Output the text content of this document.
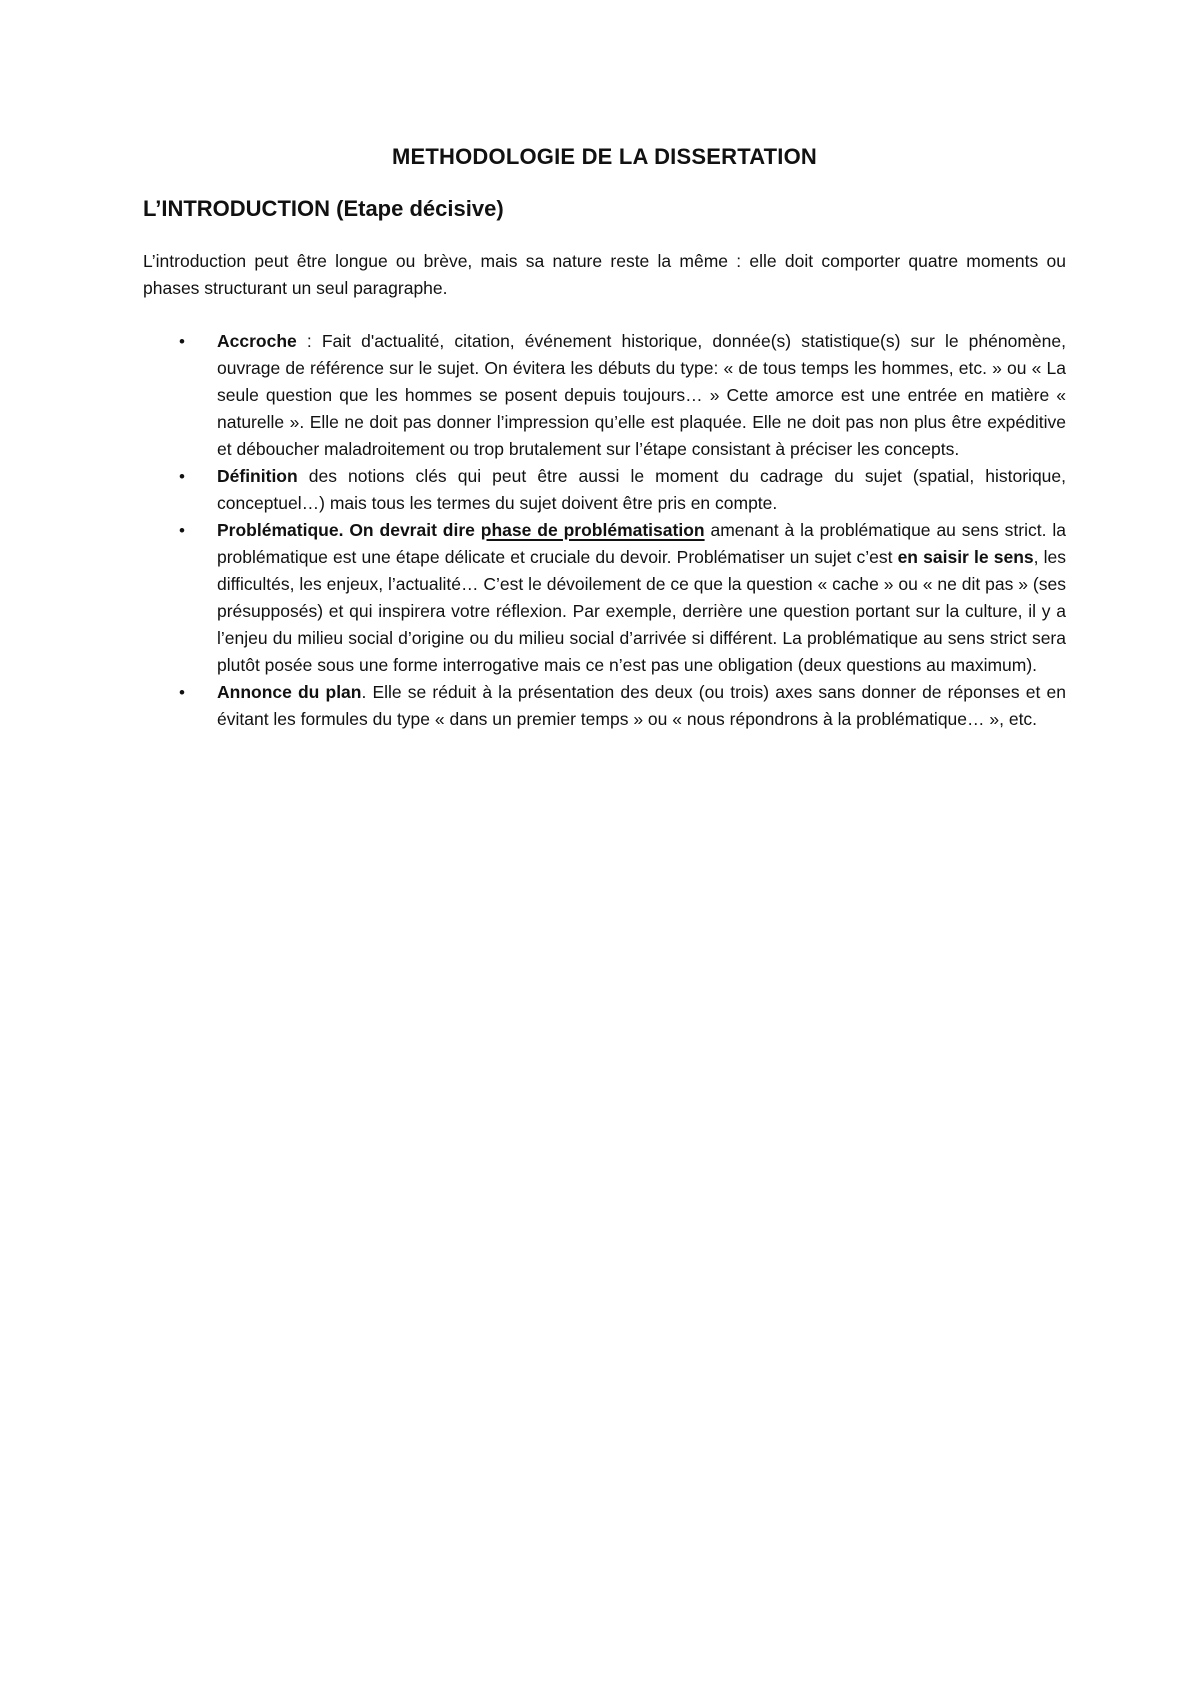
METHODOLOGIE DE LA DISSERTATION
L’INTRODUCTION (Etape décisive)

L’introduction peut être longue ou brève, mais sa nature reste la même : elle doit comporter quatre moments ou phases structurant un seul paragraphe.

• Accroche : Fait d'actualité, citation, événement historique, donnée(s) statistique(s) sur le phénomène, ouvrage de référence sur le sujet. On évitera les débuts du type: « de tous temps les hommes, etc. » ou « La seule question que les hommes se posent depuis toujours… » Cette amorce est une entrée en matière « naturelle ». Elle ne doit pas donner l’impression qu’elle est plaquée. Elle ne doit pas non plus être expéditive et déboucher maladroitement ou trop brutalement sur l’étape consistant à préciser les concepts.
• Définition des notions clés qui peut être aussi le moment du cadrage du sujet (spatial, historique, conceptuel…) mais tous les termes du sujet doivent être pris en compte.
• Problématique. On devrait dire phase de problématisation amenant à la problématique au sens strict. la problématique est une étape délicate et cruciale du devoir. Problématiser un sujet c’est en saisir le sens, les difficultés, les enjeux, l’actualité… C’est le dévoilement de ce que la question « cache » ou « ne dit pas » (ses présupposés) et qui inspirera votre réflexion. Par exemple, derrière une question portant sur la culture, il y a l’enjeu du milieu social d’origine ou du milieu social d’arrivée si différent. La problématique au sens strict sera plutôt posée sous une forme interrogative mais ce n’est pas une obligation (deux questions au maximum).
• Annonce du plan. Elle se réduit à la présentation des deux (ou trois) axes sans donner de réponses et en évitant les formules du type « dans un premier temps » ou « nous répondrons à la problématique… », etc.
